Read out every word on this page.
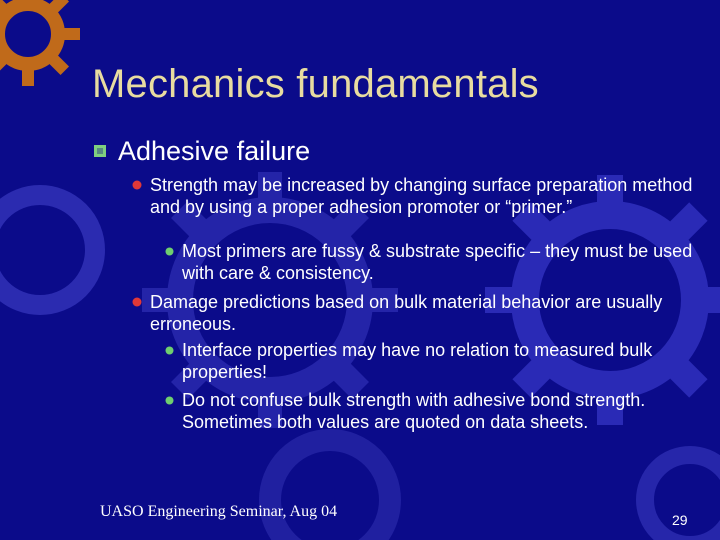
Mechanics fundamentals
Adhesive failure
Strength may be increased by changing surface preparation method and by using a proper adhesion promoter or “primer.”
Most primers are fussy & substrate specific – they must be used with care & consistency.
Damage predictions based on bulk material behavior are usually erroneous.
Interface properties may have no relation to measured bulk properties!
Do not confuse bulk strength with adhesive bond strength. Sometimes both values are quoted on data sheets.
UASO Engineering Seminar, Aug 04	29
